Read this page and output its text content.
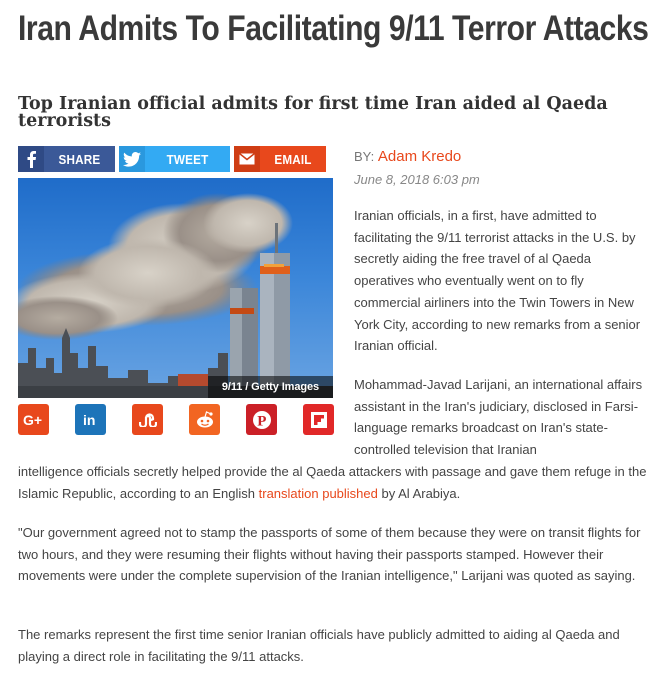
Iran Admits To Facilitating 9/11 Terror Attacks
Top Iranian official admits for first time Iran aided al Qaeda terrorists
SHARE	TWEET	EMAIL
9/11 / Getty Images
G+	in	P
BY: Adam Kredo
June 8, 2018 6:03 pm

Iranian officials, in a first, have admitted to facilitating the 9/11 terrorist attacks in the U.S. by secretly aiding the free travel of al Qaeda operatives who eventually went on to fly commercial airliners into the Twin Towers in New York City, according to new remarks from a senior Iranian official.

Mohammad-Javad Larijani, an international affairs assistant in the Iran's judiciary, disclosed in Farsi-language remarks broadcast on Iran's state-controlled television that Iranian

intelligence officials secretly helped provide the al Qaeda attackers with passage and gave them refuge in the Islamic Republic, according to an English translation published by Al Arabiya.

"Our government agreed not to stamp the passports of some of them because they were on transit flights for two hours, and they were resuming their flights without having their passports stamped. However their movements were under the complete supervision of the Iranian intelligence," Larijani was quoted as saying.

The remarks represent the first time senior Iranian officials have publicly admitted to aiding al Qaeda and playing a direct role in facilitating the 9/11 attacks.
